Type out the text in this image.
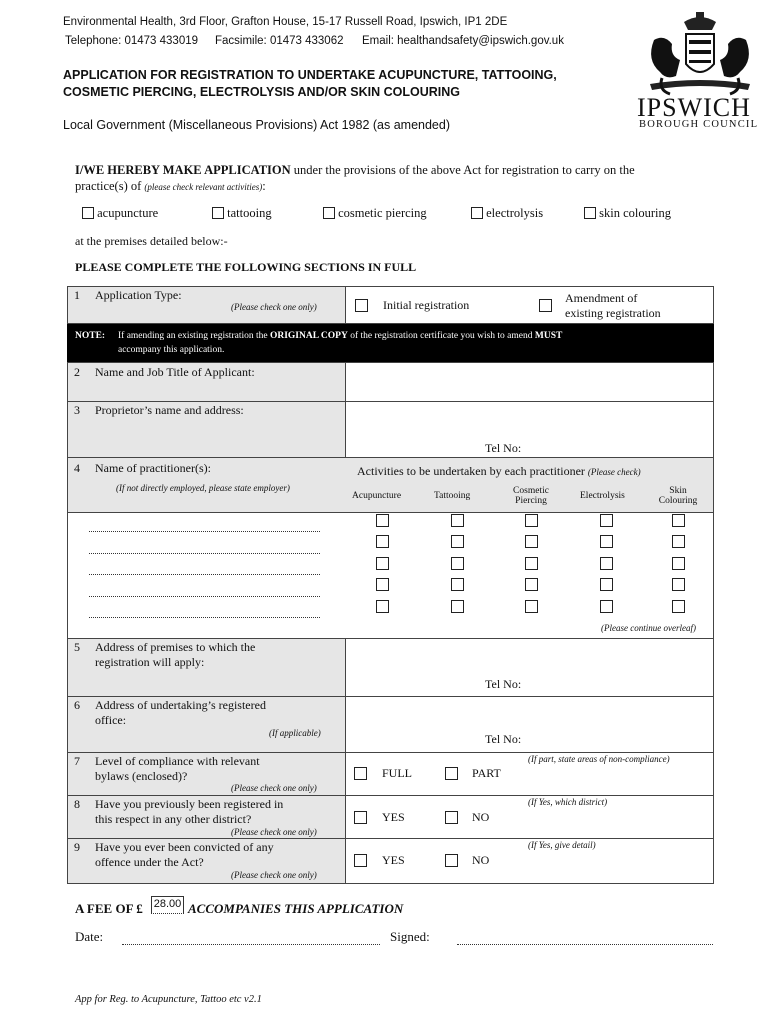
Environmental Health, 3rd Floor, Grafton House, 15-17 Russell Road, Ipswich, IP1 2DE
Telephone: 01473 433019 Facsimile: 01473 433062 Email: healthandsafety@ipswich.gov.uk
APPLICATION FOR REGISTRATION TO UNDERTAKE ACUPUNCTURE, TATTOOING,
COSMETIC PIERCING, ELECTROLYSIS AND/OR SKIN COLOURING
Local Government (Miscellaneous Provisions) Act 1982 (as amended)
IPSWICH
BOROUGH COUNCIL
I/WE HEREBY MAKE APPLICATION under the provisions of the above Act for registration to carry on the
practice(s) of (please check relevant activities):
acupuncture	tattooing	cosmetic piercing	electrolysis	skin colouring
at the premises detailed below:-
PLEASE COMPLETE THE FOLLOWING SECTIONS IN FULL
1 Application Type:
(Please check one only)	Initial registration	Amendment of
existing registration
NOTE: If amending an existing registration the ORIGINAL COPY of the registration certificate you wish to amend MUST
accompany this application.
2 Name and Job Title of Applicant:
3 Proprietor’s name and address:
Tel No:
4 Name of practitioner(s):
(If not directly employed, please state employer)
Activities to be undertaken by each practitioner (Please check)
Acupuncture	Tattooing	Cosmetic
Piercing	Electrolysis	Skin
Colouring
(Please continue overleaf)
5 Address of premises to which the
registration will apply:
Tel No:
6 Address of undertaking’s registered
office:
(If applicable)	Tel No:
7 Level of compliance with relevant
bylaws (enclosed)?
(Please check one only)
(If part, state areas of non-compliance)
FULL	PART
8 Have you previously been registered in
this respect in any other district?
(Please check one only)
(If Yes, which district)
YES	NO
9 Have you ever been convicted of any
offence under the Act?
(Please check one only)
(If Yes, give detail)
YES	NO
A FEE OF £ 28.00 ACCOMPANIES THIS APPLICATION
Date:	Signed:
App for Reg. to Acupuncture, Tattoo etc v2.1
